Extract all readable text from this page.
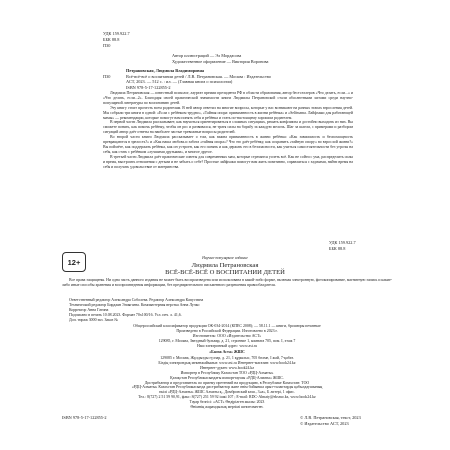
УДК 159.922.7
ББК 88.8
П30
Автор иллюстраций — Эл Мордасова
Художественное оформление — Виктория Воронова
Петрановская, Людмила Владимировна
П30	Всё-всё-всё о воспитании детей / Л.В. Петрановская. — Москва : Издательство
АСТ, 2023. — 512 с. : ил. — (Главная книга о психологии)
ISBN 978-5-17-122855-2

Людмила Петрановская — известный психолог, лауреат премии президента РФ в области образования, автор бестселлеров «Что делать, если...» и «Что делать, если...2». Благодаря своей практической значимости книги Людмилы Петрановской стали абсолютными хитами среди научно-популярной литературы по воспитанию детей.

Эту книгу стоит прочесть всем родителям. В ней автор ответил на многие вопросы, которые у вас возникают на разных этапах взросления детей. Мы собрали три книги в одной: «Если с ребёнком трудно», «Тайная опора: привязанность в жизни ребёнка» и «Selfmama. Лайфхаки для работающей мамы» — рекомендации, которые помогут вам понять себя и ребёнка и стать по-настоящему хорошим родителем.

В первой части Людмила рассказывает, как научиться ориентироваться в сложных ситуациях, решать конфликты и достойно выходить из них. Вы сможете понять, как помочь ребёнку, чтобы он рос и развивался, не тратя силы на борьбу за каждую мелочь. Шаг за шагом, с примерами и разбором ситуаций автор даёт ответы на наиболее частые тревожные вопросы родителей.

Во второй части книги Людмила рассказывает о том, как важна привязанность в жизни ребёнка: «Как зависимость и беспомощность превращаются в зрелость?» и «Как наша любовь и забота «тайная опора»? Что это даёт ребёнку, как сохранить «тайную опору» во взрослой жизни?» Вы поймёте, как поддержать ребёнка, как он устроен, как его понять и как держать его в безопасности, как учиться самостоятельности без угрозы на себя, как стать с ребёнком «лучшими друзьями», и многое другое.

В третьей части Людмила даёт практические советы для современных мам, которые стремятся успеть всё. Как не сойти с ума, распределить силы и время, выстроить отношения с детьми и не забыть о себе? Простые лайфхаки помогут вам жить позитивно, справляться с задачами, найти время на себя и получать удовольствие от материнства.

УДК 159.922.7
ББК 88.8
12+	Научно-популярное издание
Людмила Петрановская
ВСЁ-ВСЁ-ВСЁ О ВОСПИТАНИИ ДЕТЕЙ
Все права защищены. Ни одна часть данного издания не может быть воспроизведена или использована в какой-либо форме, включая электронную, фотокопирование, магнитную запись и какие-либо иные способы хранения и воспроизведения информации, без предварительного письменного разрешения правообладателя.
Ответственный редактор Александра Соболева. Редактор Александра Капустина
Технический редактор Бирдаян Элиягаева. Компьютерная верстка Анна Лучко
Корректор Анна Гатина
Подписано в печать 10.08.2023. Формат 70х100/16. Усл. печ. л. 41,6.
Доп. тираж 3000 экз. Заказ №
Общероссийский классификатор продукции ОК-034-2014 (КПЕС 2008); — 58.11.1 — книги, брошюры печатные
Произведено в Российской Федерации. Изготовлено в 2023 г.
Изготовитель: ООО «Издательство АСТ»
129085, г. Москва, Звездный бульвар, д. 21, строение 1, комната 705, пом. I, этаж 7
Наш электронный адрес: www.ast.ru
«Баспа Аста» ЖШС
129085 г. Москва, Жұлдызды гүлзар, д. 21, 1 құрылыс, 705 бөлме, I жай, 7-қабат.
Біздің электрондық мекенжайымыз: www.ast.ru Интернет-магазин: www.book24.kz
Интернет-дүкен: www.book24.kz
Импортер в Республику Казахстан ТОО «РДЦ-Алматы»
Қазақстан Республикасындағы импорттаушы «РДЦ-Алматы» ЖШС.
Дистрибьютор и представитель по приему претензий на продукцию, в Республике Казахстан: ТОО
«РДЦ-Алматы» Казахстан Республикасында дистрибьютор және өнім бойынша арыз-талаптарды қабылдаушының
өкілі «РДЦ-Алматы» ЖШС Алматы қ., Домбровский көш., 3«а», Б литері, 1 офис.
Тел.: 8(727) 2 51 59 90,91, факс: 8(727) 251 59 92 ішкі 107 ; E-mail: RDC-Almaty@eksmo.kz, www.book24.kz
Тауар белгісі: «АСТ» Өндірілген жылы: 2023
Өнімнің жарамдылық мерзімі шектелмеген.
ISBN 978-5-17-122855-2	© Л.В. Петрановская, текст, 2023
© Издательство АСТ, 2023
